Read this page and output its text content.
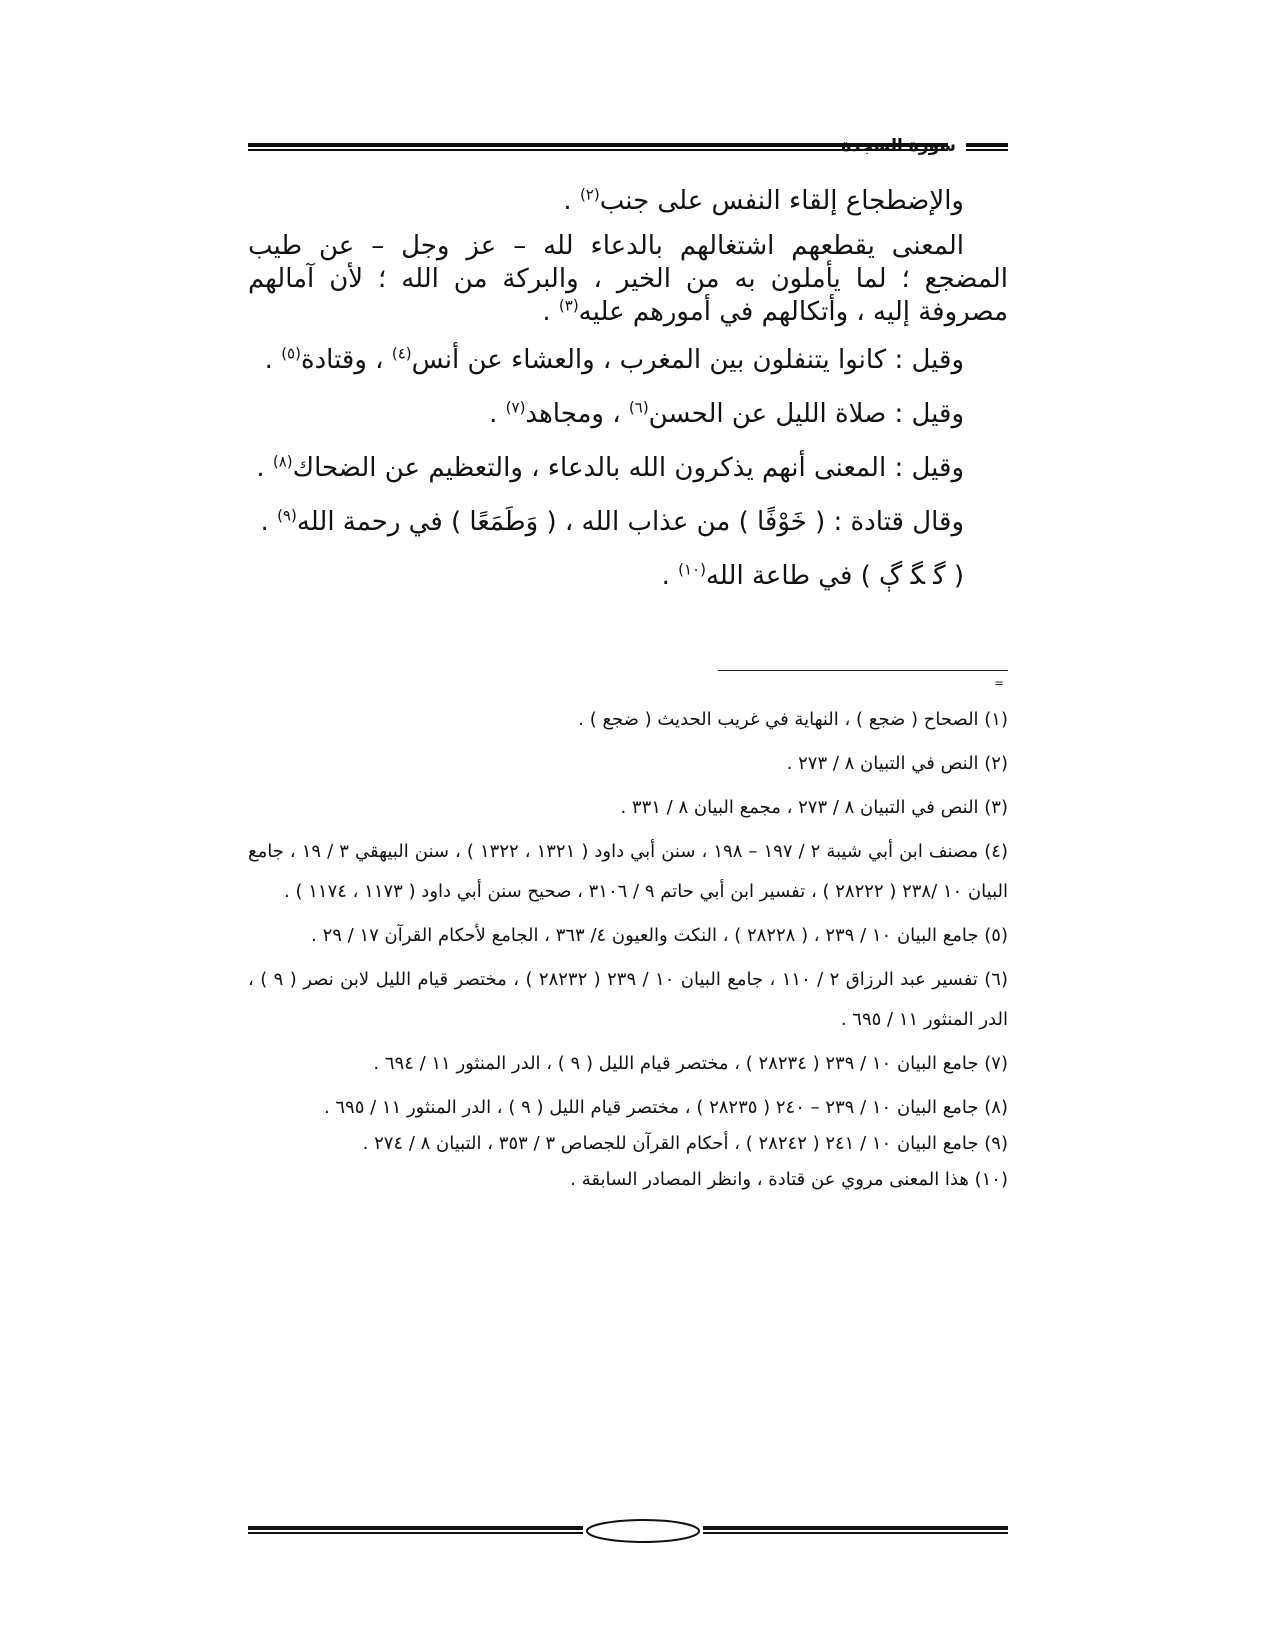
سورة السجدة

والإضطجاع إلقاء النفس على جنب$^{(٢)}$ .

المعنى يقطعهم اشتغالهم بالدعاء لله – عز وجل – عن طيب المضجع ؛ لما يأملون به من الخير ، والبركة من الله ؛ لأن آمالهم مصروفة إليه ، وأتكالهم في أمورهم عليه$^{(٣)}$ .

وقيل : كانوا يتنفلون بين المغرب ، والعشاء عن أنس$^{(٤)}$ ، وقتادة$^{(٥)}$ .

وقيل : صلاة الليل عن الحسن$^{(٦)}$ ، ومجاهد$^{(٧)}$ .

وقيل : المعنى أنهم يذكرون الله بالدعاء ، والتعظيم عن الضحاك$^{(٨)}$ .

وقال قتادة : ( خَوْفًا ) من عذاب الله ، ( وَطَمَعًا ) في رحمة الله$^{(٩)}$ .

( ﮔ ﮕ ﮖ ) في طاعة الله$^{(١٠)}$ .

=

(١) الصحاح ( ضجع ) ، النهاية في غريب الحديث ( ضجع ) .

(٢) النص في التبيان ٨ / ٢٧٣ .

(٣) النص في التبيان ٨ / ٢٧٣ ، مجمع البيان ٨ / ٣٣١ .

(٤) مصنف ابن أبي شيبة ٢ / ١٩٧ – ١٩٨ ، سنن أبي داود ( ١٣٢١ ، ١٣٢٢ ) ، سنن البيهقي ٣ / ١٩ ، جامع البيان ١٠ /٢٣٨ ( ٢٨٢٢٢ ) ، تفسير ابن أبي حاتم ٩ / ٣١٠٦ ، صحيح سنن أبي داود ( ١١٧٣ ، ١١٧٤ ) .

(٥) جامع البيان ١٠ / ٢٣٩ ، ( ٢٨٢٢٨ ) ، النكت والعيون ٤/ ٣٦٣ ، الجامع لأحكام القرآن ١٧ / ٢٩ .

(٦) تفسير عبد الرزاق ٢ / ١١٠ ، جامع البيان ١٠ / ٢٣٩ ( ٢٨٢٣٢ ) ، مختصر قيام الليل لابن نصر ( ٩ ) ، الدر المنثور ١١ / ٦٩٥ .

(٧) جامع البيان ١٠ / ٢٣٩ ( ٢٨٢٣٤ ) ، مختصر قيام الليل ( ٩ ) ، الدر المنثور ١١ / ٦٩٤ .

(٨) جامع البيان ١٠ / ٢٣٩ – ٢٤٠ ( ٢٨٢٣٥ ) ، مختصر قيام الليل ( ٩ ) ، الدر المنثور ١١ / ٦٩٥ .

(٩) جامع البيان ١٠ / ٢٤١ ( ٢٨٢٤٢ ) ، أحكام القرآن للجصاص ٣ / ٣٥٣ ، التبيان ٨ / ٢٧٤ .

(١٠) هذا المعنى مروي عن قتادة ، وانظر المصادر السابقة .
